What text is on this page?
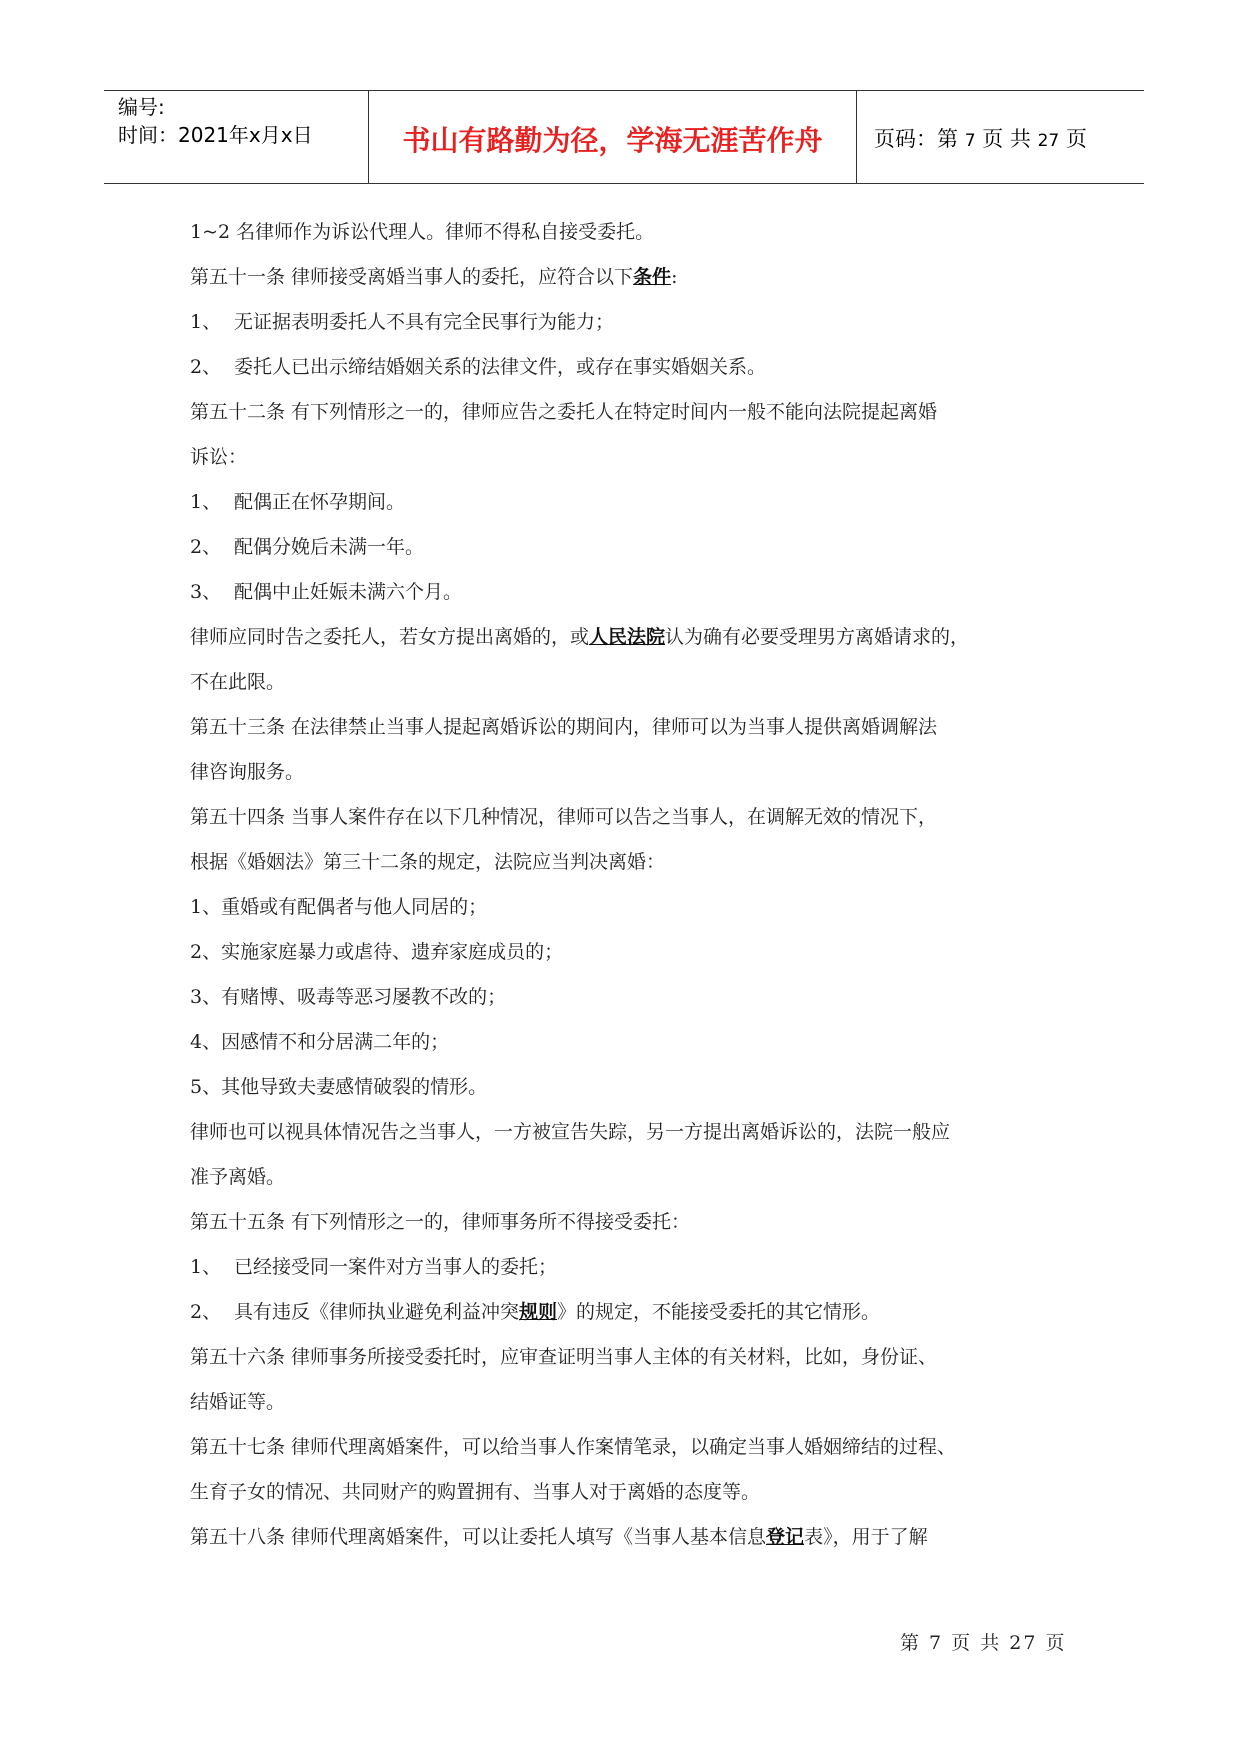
编号:
时间：2021年x月x日	书山有路勤为径，学海无涯苦作舟	页码：第 7 页 共 27 页

1~2 名律师作为诉讼代理人。律师不得私自接受委托。

第五十一条 律师接受离婚当事人的委托，应符合以下条件:

1、 无证据表明委托人不具有完全民事行为能力；

2、 委托人已出示缔结婚姻关系的法律文件，或存在事实婚姻关系。

第五十二条 有下列情形之一的，律师应告之委托人在特定时间内一般不能向法院提起离婚

诉讼：

1、 配偶正在怀孕期间。

2、 配偶分娩后未满一年。

3、 配偶中止妊娠未满六个月。

律师应同时告之委托人，若女方提出离婚的，或人民法院认为确有必要受理男方离婚请求的，

不在此限。

第五十三条 在法律禁止当事人提起离婚诉讼的期间内，律师可以为当事人提供离婚调解法

律咨询服务。

第五十四条 当事人案件存在以下几种情况，律师可以告之当事人，在调解无效的情况下，

根据《婚姻法》第三十二条的规定，法院应当判决离婚：

1、重婚或有配偶者与他人同居的；

2、实施家庭暴力或虐待、遗弃家庭成员的；

3、有赌博、吸毒等恶习屡教不改的；

4、因感情不和分居满二年的；

5、其他导致夫妻感情破裂的情形。

律师也可以视具体情况告之当事人，一方被宣告失踪，另一方提出离婚诉讼的，法院一般应

准予离婚。

第五十五条 有下列情形之一的，律师事务所不得接受委托：

1、 已经接受同一案件对方当事人的委托；

2、 具有违反《律师执业避免利益冲突规则》的规定，不能接受委托的其它情形。

第五十六条 律师事务所接受委托时，应审查证明当事人主体的有关材料，比如，身份证、

结婚证等。

第五十七条 律师代理离婚案件，可以给当事人作案情笔录，以确定当事人婚姻缔结的过程、

生育子女的情况、共同财产的购置拥有、当事人对于离婚的态度等。

第五十八条 律师代理离婚案件，可以让委托人填写《当事人基本信息登记表》，用于了解

第 7 页 共 27 页
